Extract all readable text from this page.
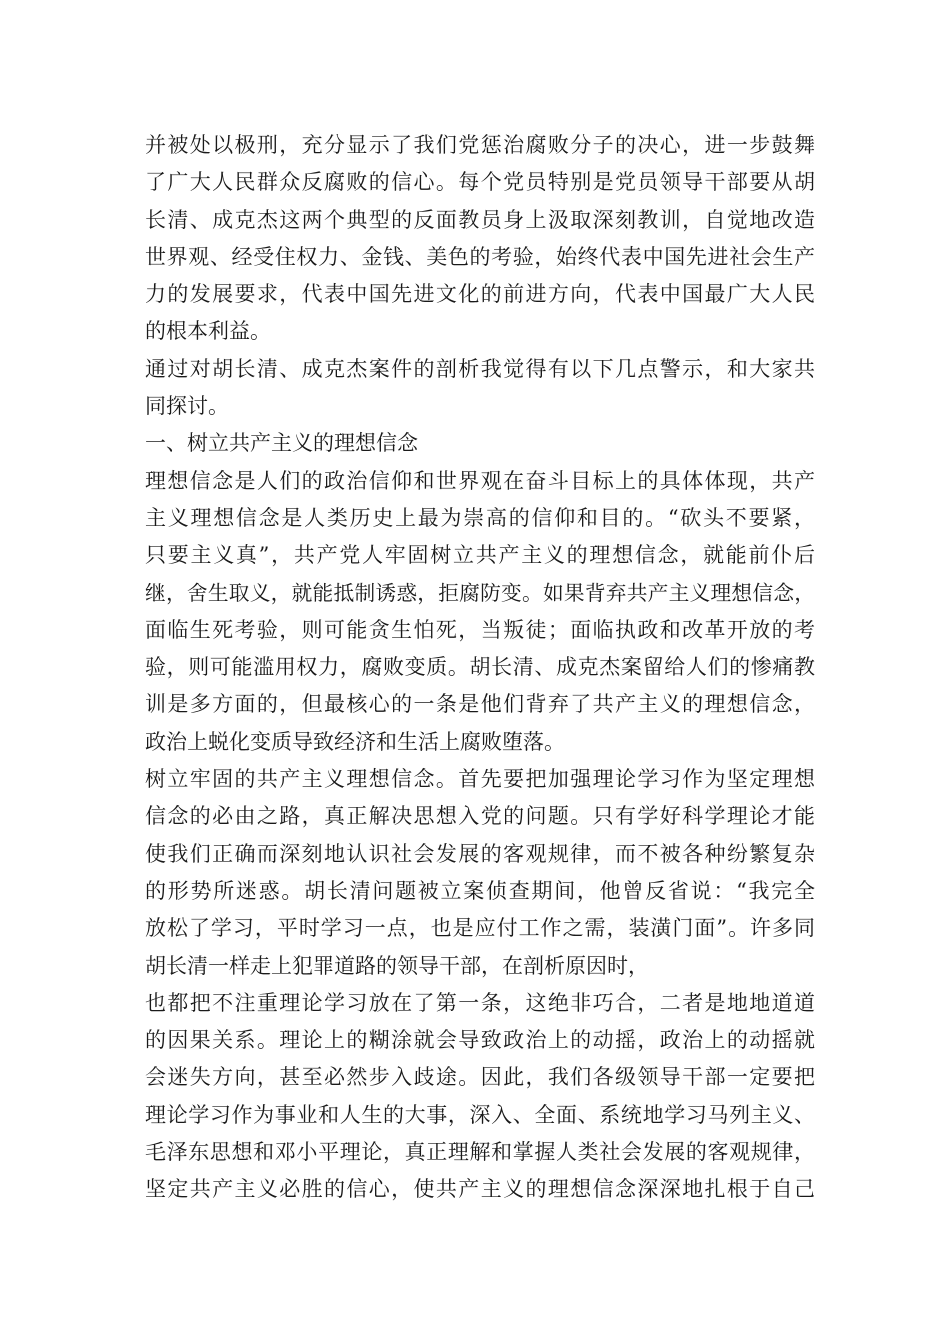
并被处以极刑，充分显示了我们党惩治腐败分子的决心，进一步鼓舞
了广大人民群众反腐败的信心。每个党员特别是党员领导干部要从胡
长清、成克杰这两个典型的反面教员身上汲取深刻教训，自觉地改造
世界观、经受住权力、金钱、美色的考验，始终代表中国先进社会生产
力的发展要求，代表中国先进文化的前进方向，代表中国最广大人民
的根本利益。
通过对胡长清、成克杰案件的剖析我觉得有以下几点警示，和大家共
同探讨。
一、树立共产主义的理想信念
理想信念是人们的政治信仰和世界观在奋斗目标上的具体体现，共产
主义理想信念是人类历史上最为崇高的信仰和目的。“砍头不要紧，
只要主义真”，共产党人牢固树立共产主义的理想信念，就能前仆后
继，舍生取义，就能抵制诱惑，拒腐防变。如果背弃共产主义理想信念，
面临生死考验，则可能贪生怕死，当叛徒；面临执政和改革开放的考
验，则可能滥用权力，腐败变质。胡长清、成克杰案留给人们的惨痛教
训是多方面的，但最核心的一条是他们背弃了共产主义的理想信念，
政治上蜕化变质导致经济和生活上腐败堕落。
树立牢固的共产主义理想信念。首先要把加强理论学习作为坚定理想
信念的必由之路，真正解决思想入党的问题。只有学好科学理论才能
使我们正确而深刻地认识社会发展的客观规律，而不被各种纷繁复杂
的形势所迷惑。胡长清问题被立案侦查期间，他曾反省说：“我完全
放松了学习，平时学习一点，也是应付工作之需，装潢门面”。许多同
胡长清一样走上犯罪道路的领导干部，在剖析原因时，
也都把不注重理论学习放在了第一条，这绝非巧合，二者是地地道道
的因果关系。理论上的糊涂就会导致政治上的动摇，政治上的动摇就
会迷失方向，甚至必然步入歧途。因此，我们各级领导干部一定要把
理论学习作为事业和人生的大事，深入、全面、系统地学习马列主义、
毛泽东思想和邓小平理论，真正理解和掌握人类社会发展的客观规律，
坚定共产主义必胜的信心，使共产主义的理想信念深深地扎根于自己
